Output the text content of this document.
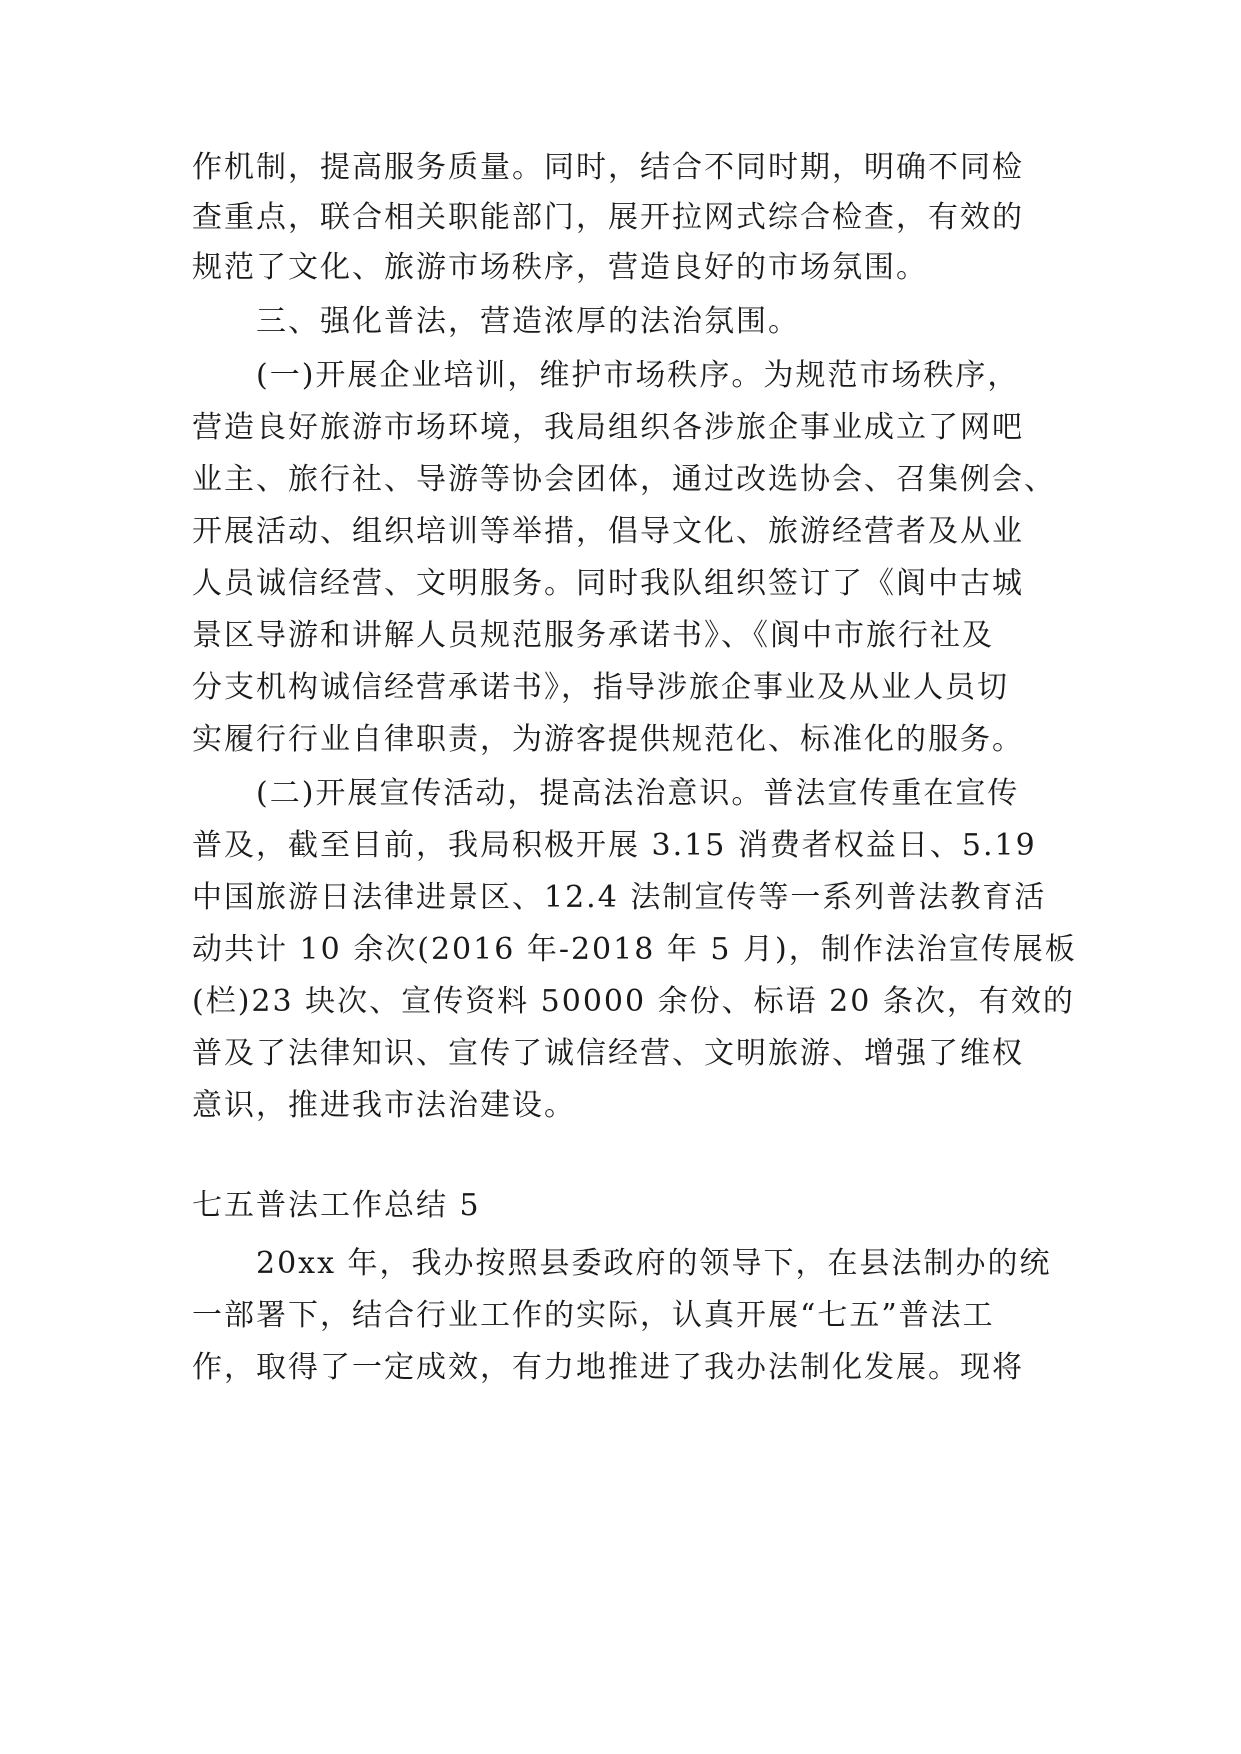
作机制，提高服务质量。同时，结合不同时期，明确不同检
查重点，联合相关职能部门，展开拉网式综合检查，有效的
规范了文化、旅游市场秩序，营造良好的市场氛围。
三、强化普法，营造浓厚的法治氛围。
(一)开展企业培训，维护市场秩序。为规范市场秩序，
营造良好旅游市场环境，我局组织各涉旅企事业成立了网吧
业主、旅行社、导游等协会团体，通过改选协会、召集例会、
开展活动、组织培训等举措，倡导文化、旅游经营者及从业
人员诚信经营、文明服务。同时我队组织签订了《阆中古城
景区导游和讲解人员规范服务承诺书》、《阆中市旅行社及
分支机构诚信经营承诺书》，指导涉旅企事业及从业人员切
实履行行业自律职责，为游客提供规范化、标准化的服务。
(二)开展宣传活动，提高法治意识。普法宣传重在宣传
普及，截至目前，我局积极开展 3.15 消费者权益日、5.19
中国旅游日法律进景区、12.4 法制宣传等一系列普法教育活
动共计 10 余次(2016 年-2018 年 5 月)，制作法治宣传展板
(栏)23 块次、宣传资料 50000 余份、标语 20 条次，有效的
普及了法律知识、宣传了诚信经营、文明旅游、增强了维权
意识，推进我市法治建设。
七五普法工作总结 5
20xx 年，我办按照县委政府的领导下，在县法制办的统
一部署下，结合行业工作的实际，认真开展“七五”普法工
作，取得了一定成效，有力地推进了我办法制化发展。现将
